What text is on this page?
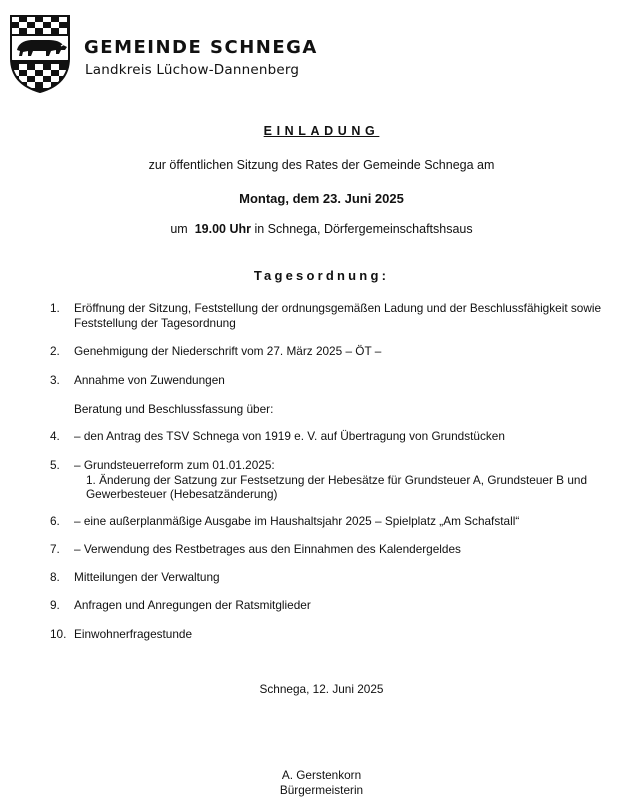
GEMEINDE SCHNEGA
Landkreis Lüchow-Dannenberg
EINLADUNG
zur öffentlichen Sitzung des Rates der Gemeinde Schnega am
Montag, dem 23. Juni 2025
um 19.00 Uhr in Schnega, Dörfergemeinschaftshsaus
Tagesordnung:
1. Eröffnung der Sitzung, Feststellung der ordnungsgemäßen Ladung und der Beschlussfähigkeit sowie Feststellung der Tagesordnung
2. Genehmigung der Niederschrift vom 27. März 2025 – ÖT –
3. Annahme von Zuwendungen
Beratung und Beschlussfassung über:
4. – den Antrag des TSV Schnega von 1919 e. V. auf Übertragung von Grundstücken
5. – Grundsteuerreform zum 01.01.2025:
1. Änderung der Satzung zur Festsetzung der Hebesätze für Grundsteuer A, Grundsteuer B und Gewerbesteuer (Hebesatzänderung)
6. – eine außerplanmäßige Ausgabe im Haushaltsjahr 2025 – Spielplatz „Am Schafstall“
7. – Verwendung des Restbetrages aus den Einnahmen des Kalendergeldes
8. Mitteilungen der Verwaltung
9. Anfragen und Anregungen der Ratsmitglieder
10. Einwohnerfragestunde
Schnega, 12. Juni 2025
A. Gerstenkorn
Bürgermeisterin
